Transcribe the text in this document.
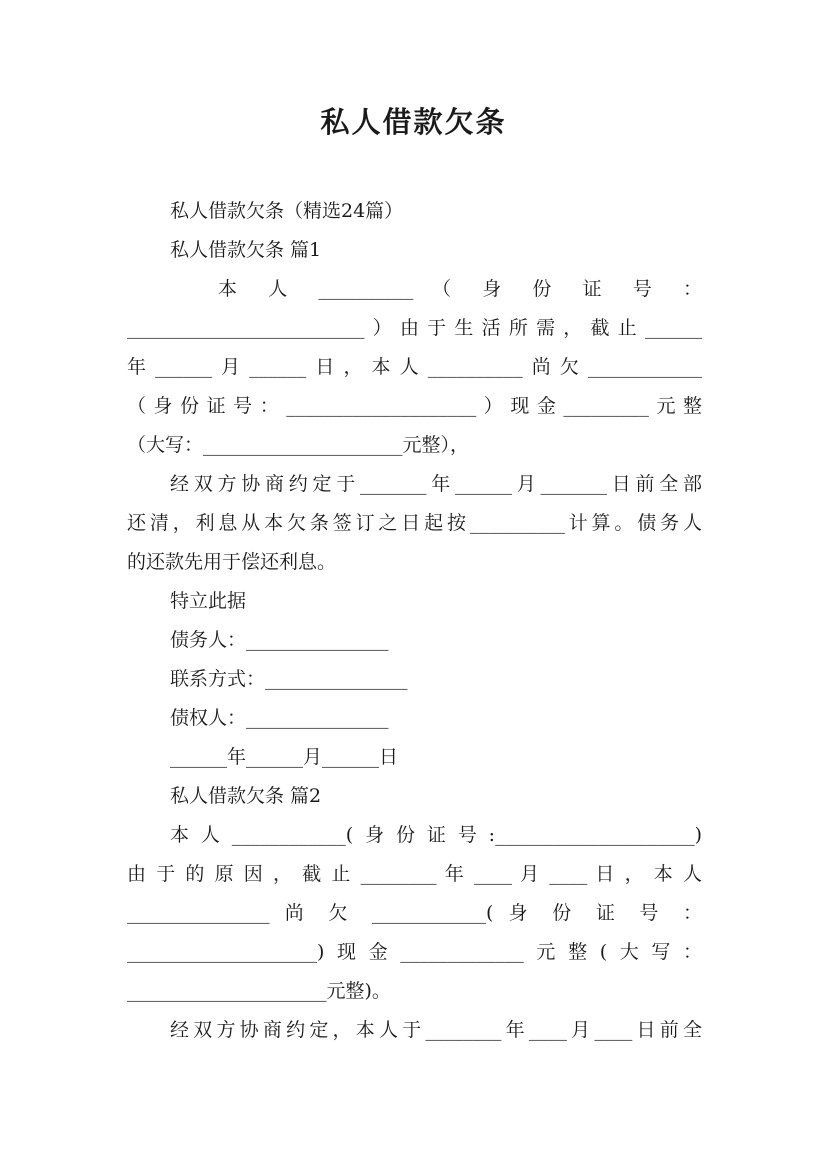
私人借款欠条
私人借款欠条（精选24篇）
私人借款欠条 篇1
本 人 __________ （ 身 份 证 号 ：
_________________________）由于生活所需，截止______
年______月______日，本人__________尚欠____________
（身份证号：____________________）现金_________元整
（大写：_____________________元整），
经双方协商约定于_______年______月_______日前全部
还清，利息从本欠条签订之日起按__________计算。债务人
的还款先用于偿还利息。
特立此据
债务人：_______________
联系方式：_______________
债权人：_______________
______年______月______日
私人借款欠条 篇2
本人____________(身份证号:_____________________)
由 于 的 原 因 ， 截 止 ________ 年 ____ 月 ____ 日 ， 本 人
_______________ 尚 欠 ____________( 身 份 证 号 ：
____________________)现金_____________元整(大写：
_____________________元整)。
经双方协商约定，本人于________年____月____日前全
